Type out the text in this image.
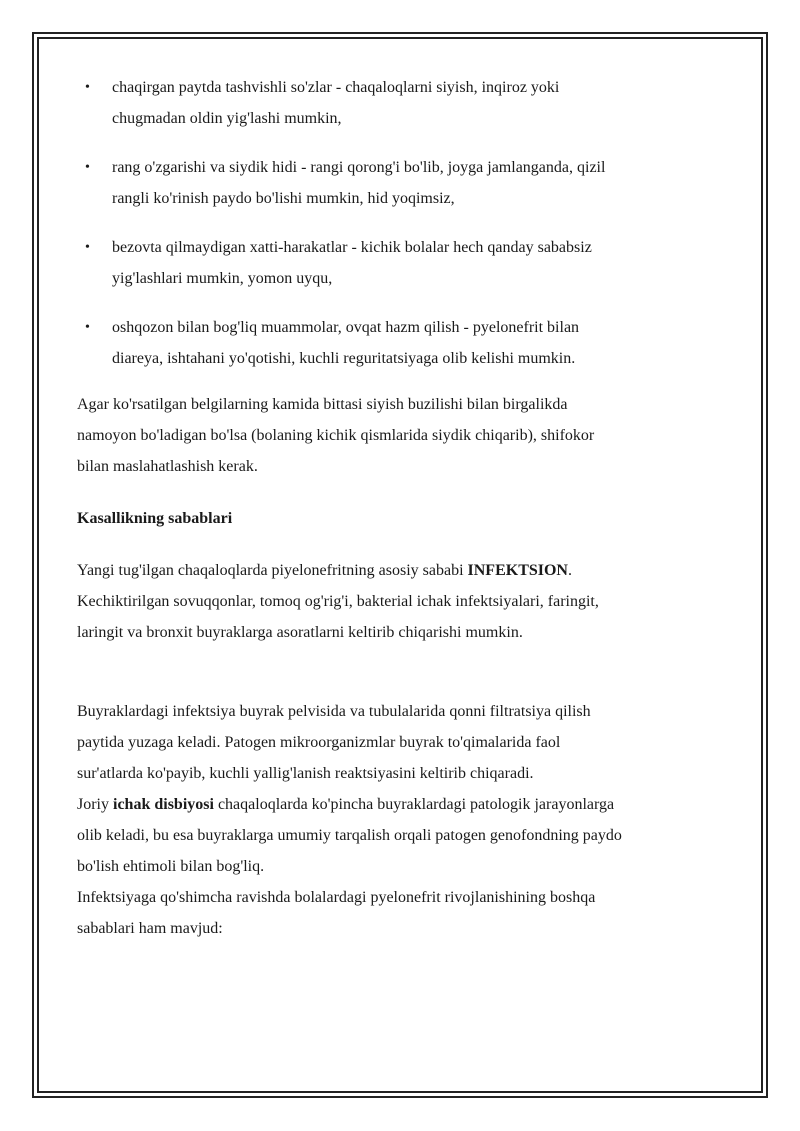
• chaqirgan paytda tashvishli so'zlar - chaqaloqlarni siyish, inqiroz yoki
chugmadan oldin yig'lashi mumkin,
• rang o'zgarishi va siydik hidi - rangi qorong'i bo'lib, joyga jamlanganda, qizil
rangli ko'rinish paydo bo'lishi mumkin, hid yoqimsiz,
• bezovta qilmaydigan xatti-harakatlar - kichik bolalar hech qanday sababsiz
yig'lashlari mumkin, yomon uyqu,
• oshqozon bilan bog'liq muammolar, ovqat hazm qilish - pyelonefrit bilan
diareya, ishtahani yo'qotishi, kuchli reguritatsiyaga olib kelishi mumkin.

Agar ko'rsatilgan belgilarning kamida bittasi siyish buzilishi bilan birgalikda
namoyon bo'ladigan bo'lsa (bolaning kichik qismlarida siydik chiqarib), shifokor
bilan maslahatlashish kerak.

Kasallikning sabablari

Yangi tug'ilgan chaqaloqlarda piyelonefritning asosiy sababi INFEKTSION.
Kechiktirilgan sovuqqonlar, tomoq og'rig'i, bakterial ichak infektsiyalari, faringit,
laringit va bronxit buyraklarga asoratlarni keltirib chiqarishi mumkin.

Buyraklardagi infektsiya buyrak pelvisida va tubulalarida qonni filtratsiya qilish
paytida yuzaga keladi. Patogen mikroorganizmlar buyrak to'qimalarida faol
sur'atlarda ko'payib, kuchli yallig'lanish reaktsiyasini keltirib chiqaradi.

Joriy ichak disbiyosi chaqaloqlarda ko'pincha buyraklardagi patologik jarayonlarga
olib keladi, bu esa buyraklarga umumiy tarqalish orqali patogen genofondning paydo
bo'lish ehtimoli bilan bog'liq.

Infektsiyaga qo'shimcha ravishda bolalardagi pyelonefrit rivojlanishining boshqa
sabablari ham mavjud:
